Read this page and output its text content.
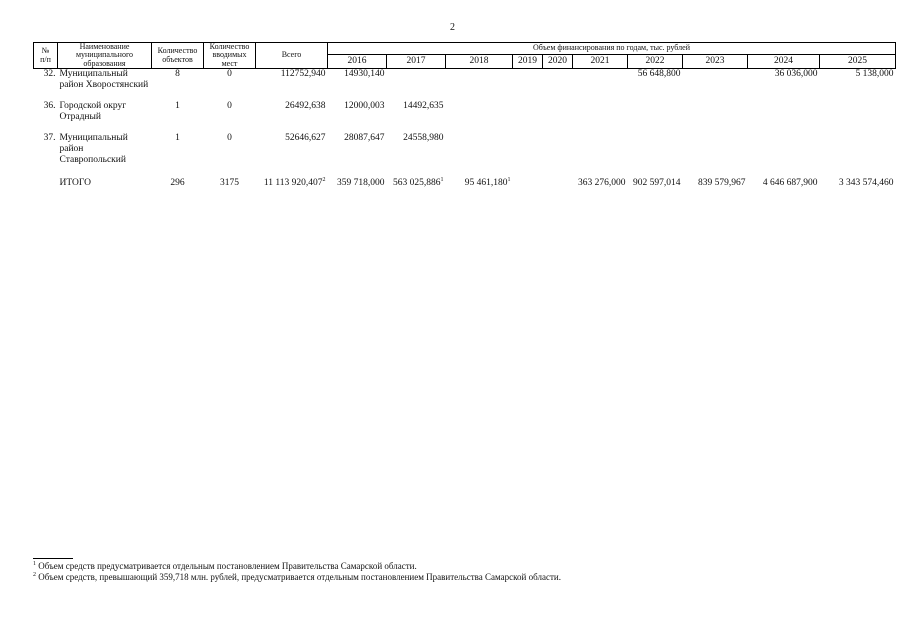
2
№
п/п	Наименование муниципального образования	Количество объектов	Количество вводимых мест	Всего	Объем финансирования по годам, тыс. рублей									
					2016	2017	2018	2019	2020	2021	2022	2023	2024	2025
32.	Муниципальный район Хворостянский	8	0	112752,940	14930,140						56 648,800		36 036,000	5 138,000

36.	Городской округ Отрадный	1	0	26492,638	12000,003	14492,635								

37.	Муниципальный район Ставропольский	1	0	52646,627	28087,647	24558,980								

	ИТОГО	296	3175	11 113 920,407$^2$	359 718,000	563 025,886$^1$	95 461,180$^1$			363 276,000	902 597,014	839 579,967	4 646 687,900	3 343 574,460
$^1$ Объем средств предусматривается отдельным постановлением Правительства Самарской области.
$^2$ Объем средств, превышающий 359,718 млн. рублей, предусматривается отдельным постановлением Правительства Самарской области.
